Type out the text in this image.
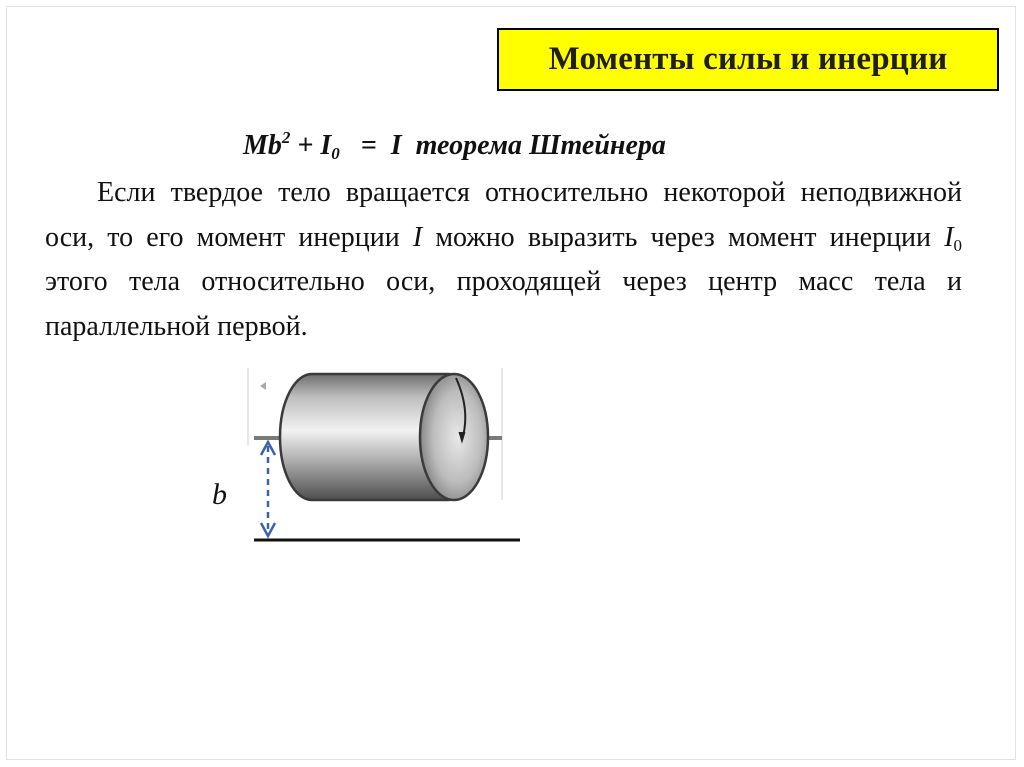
Моменты силы и инерции
$Mb^2 + I_0 = I$  теорема Штейнера
Если твердое тело вращается относительно некоторой неподвижной оси, то его момент инерции I можно выразить через момент инерции $I_0$ этого тела относительно оси, проходящей через центр масс тела и параллельной первой.
b
